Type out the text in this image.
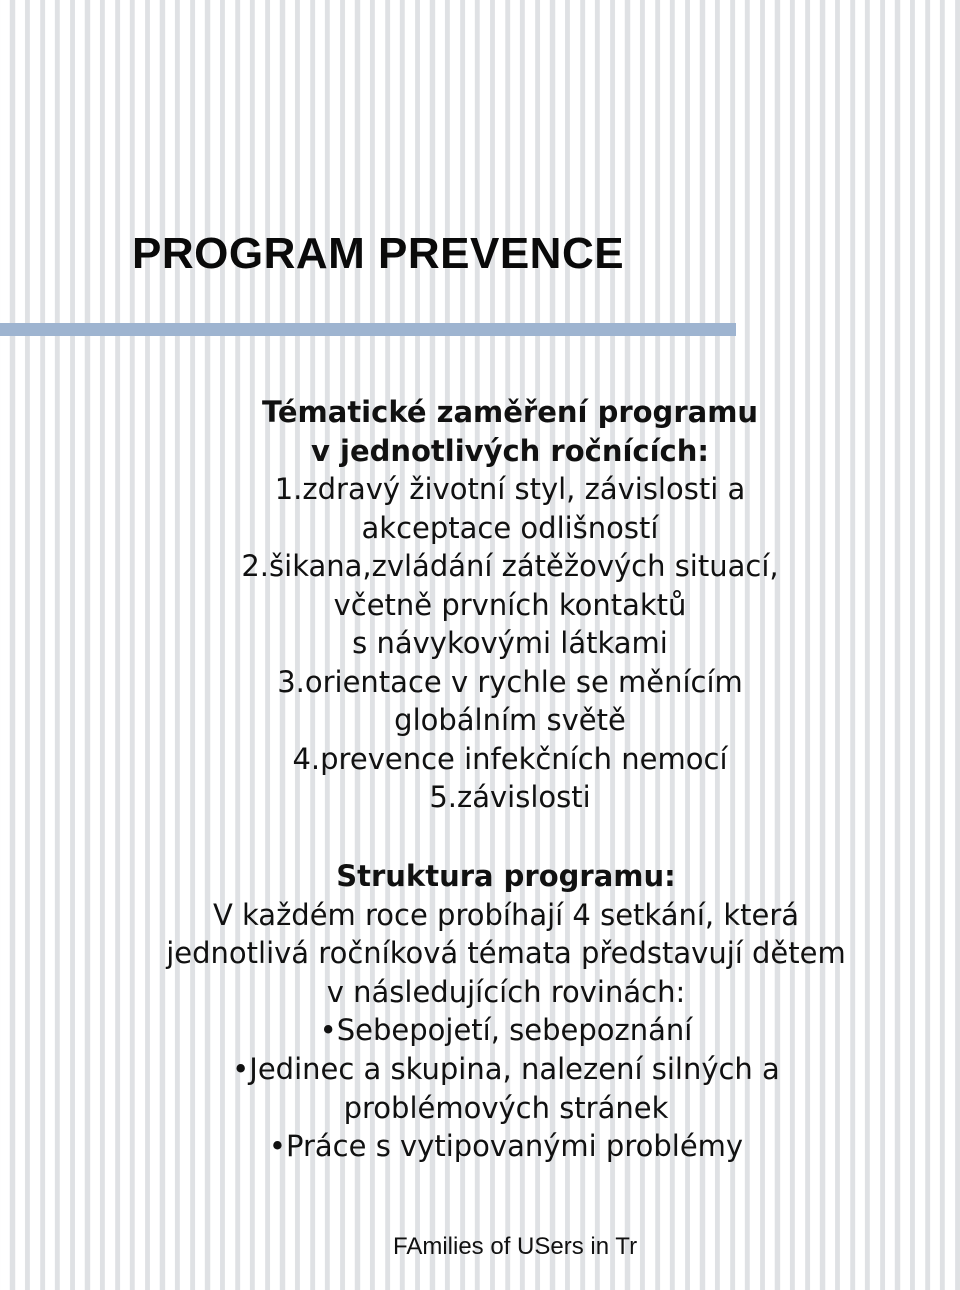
PROGRAM PREVENCE
Tématické zaměření programu
v jednotlivých ročnících:
1.zdravý životní styl, závislosti a
akceptace odlišností
2.šikana,zvládání zátěžových situací,
včetně prvních kontaktů
s návykovými látkami
3.orientace v rychle se měnícím
globálním světě
4.prevence infekčních nemocí
5.závislosti
Struktura programu:
V každém roce probíhají 4 setkání, která
jednotlivá ročníková témata představují dětem
v následujících rovinách:
•Sebepojetí, sebepoznání
•Jedinec a skupina, nalezení silných a
problémových stránek
•Práce s vytipovanými problémy
FAmilies of USers in Tr
